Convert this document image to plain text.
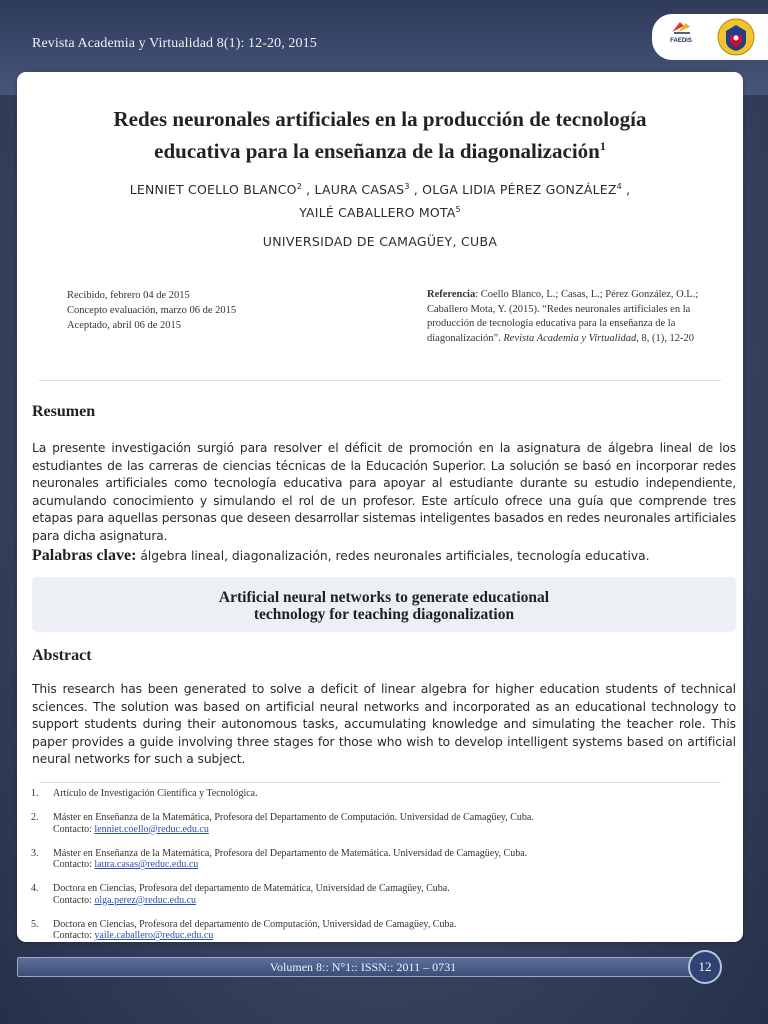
Revista Academia y Virtualidad 8(1): 12-20, 2015	FAEDIS
Redes neuronales artificiales en la producción de tecnología
educativa para la enseñanza de la diagonalización$^1$
LENNIET COELLO BLANCO$^2$ , LAURA CASAS$^3$ , OLGA LIDIA PÉREZ GONZÁLEZ$^4$ ,
YAILÉ CABALLERO MOTA$^5$
UNIVERSIDAD DE CAMAGÜEY, CUBA
Recibido, febrero 04 de 2015
Concepto evaluación, marzo 06 de 2015
Aceptado, abril 06 de 2015
Referencia: Coello Blanco, L.; Casas, L.; Pérez González, O.L.; Caballero Mota, Y. (2015). “Redes neuronales artificiales en la producción de tecnología educativa para la enseñanza de la diagonalización”. Revista Academia y Virtualidad, 8, (1), 12-20
Resumen
La presente investigación surgió para resolver el déficit de promoción en la asignatura de álgebra lineal de los estudiantes de las carreras de ciencias técnicas de la Educación Superior. La solución se basó en incorporar redes neuronales artificiales como tecnología educativa para apoyar al estudiante durante su estudio independiente, acumulando conocimiento y simulando el rol de un profesor. Este artículo ofrece una guía que comprende tres etapas para aquellas personas que deseen desarrollar sistemas inteligentes basados en redes neuronales artificiales para dicha asignatura.
Palabras clave: álgebra lineal, diagonalización, redes neuronales artificiales, tecnología educativa.
Artificial neural networks to generate educational
technology for teaching diagonalization
Abstract
This research has been generated to solve a deficit of linear algebra for higher education students of technical sciences. The solution was based on artificial neural networks and incorporated as an educational technology to support students during their autonomous tasks, accumulating knowledge and simulating the teacher role. This paper provides a guide involving three stages for those who wish to develop intelligent systems based on artificial neural networks for such a subject.
1. Artículo de Investigación Científica y Tecnológica.
2. Máster en Enseñanza de la Matemática, Profesora del Departamento de Computación. Universidad de Camagüey, Cuba.
Contacto: lenniet.coello@reduc.edu.cu
3. Máster en Enseñanza de la Matemática, Profesora del Departamento de Matemática. Universidad de Camagüey, Cuba.
Contacto: laura.casas@reduc.edu.cu
4. Doctora en Ciencias, Profesora del departamento de Matemática, Universidad de Camagüey, Cuba.
Contacto: olga.perez@reduc.edu.cu
5. Doctora en Ciencias, Profesora del departamento de Computación, Universidad de Camagüey, Cuba.
Contacto: yaile.caballero@reduc.edu.cu
Volumen 8:: N°1:: ISSN:: 2011 – 0731	12
